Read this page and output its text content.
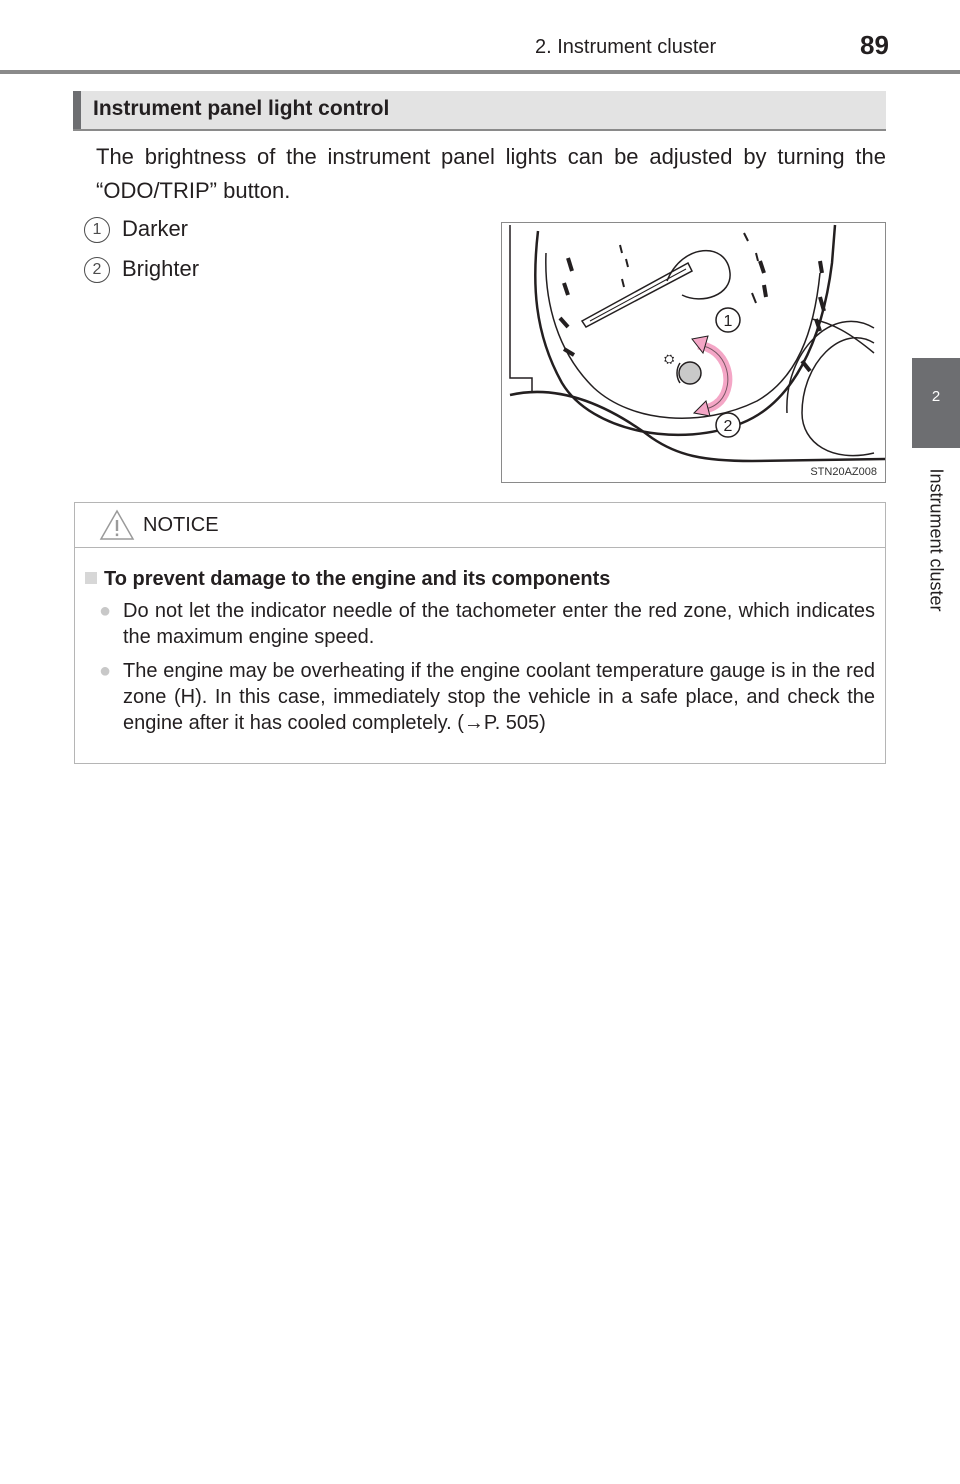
2. Instrument cluster	89
2
Instrument cluster
Instrument panel light control
The brightness of the instrument panel lights can be adjusted by turning the “ODO/TRIP” button.
1 Darker
2 Brighter
⛭
1
2
STN20AZ008
NOTICE
To prevent damage to the engine and its components
● Do not let the indicator needle of the tachometer enter the red zone, which indicates the maximum engine speed.
● The engine may be overheating if the engine coolant temperature gauge is in the red zone (H). In this case, immediately stop the vehicle in a safe place, and check the engine after it has cooled completely. (→P. 505)
